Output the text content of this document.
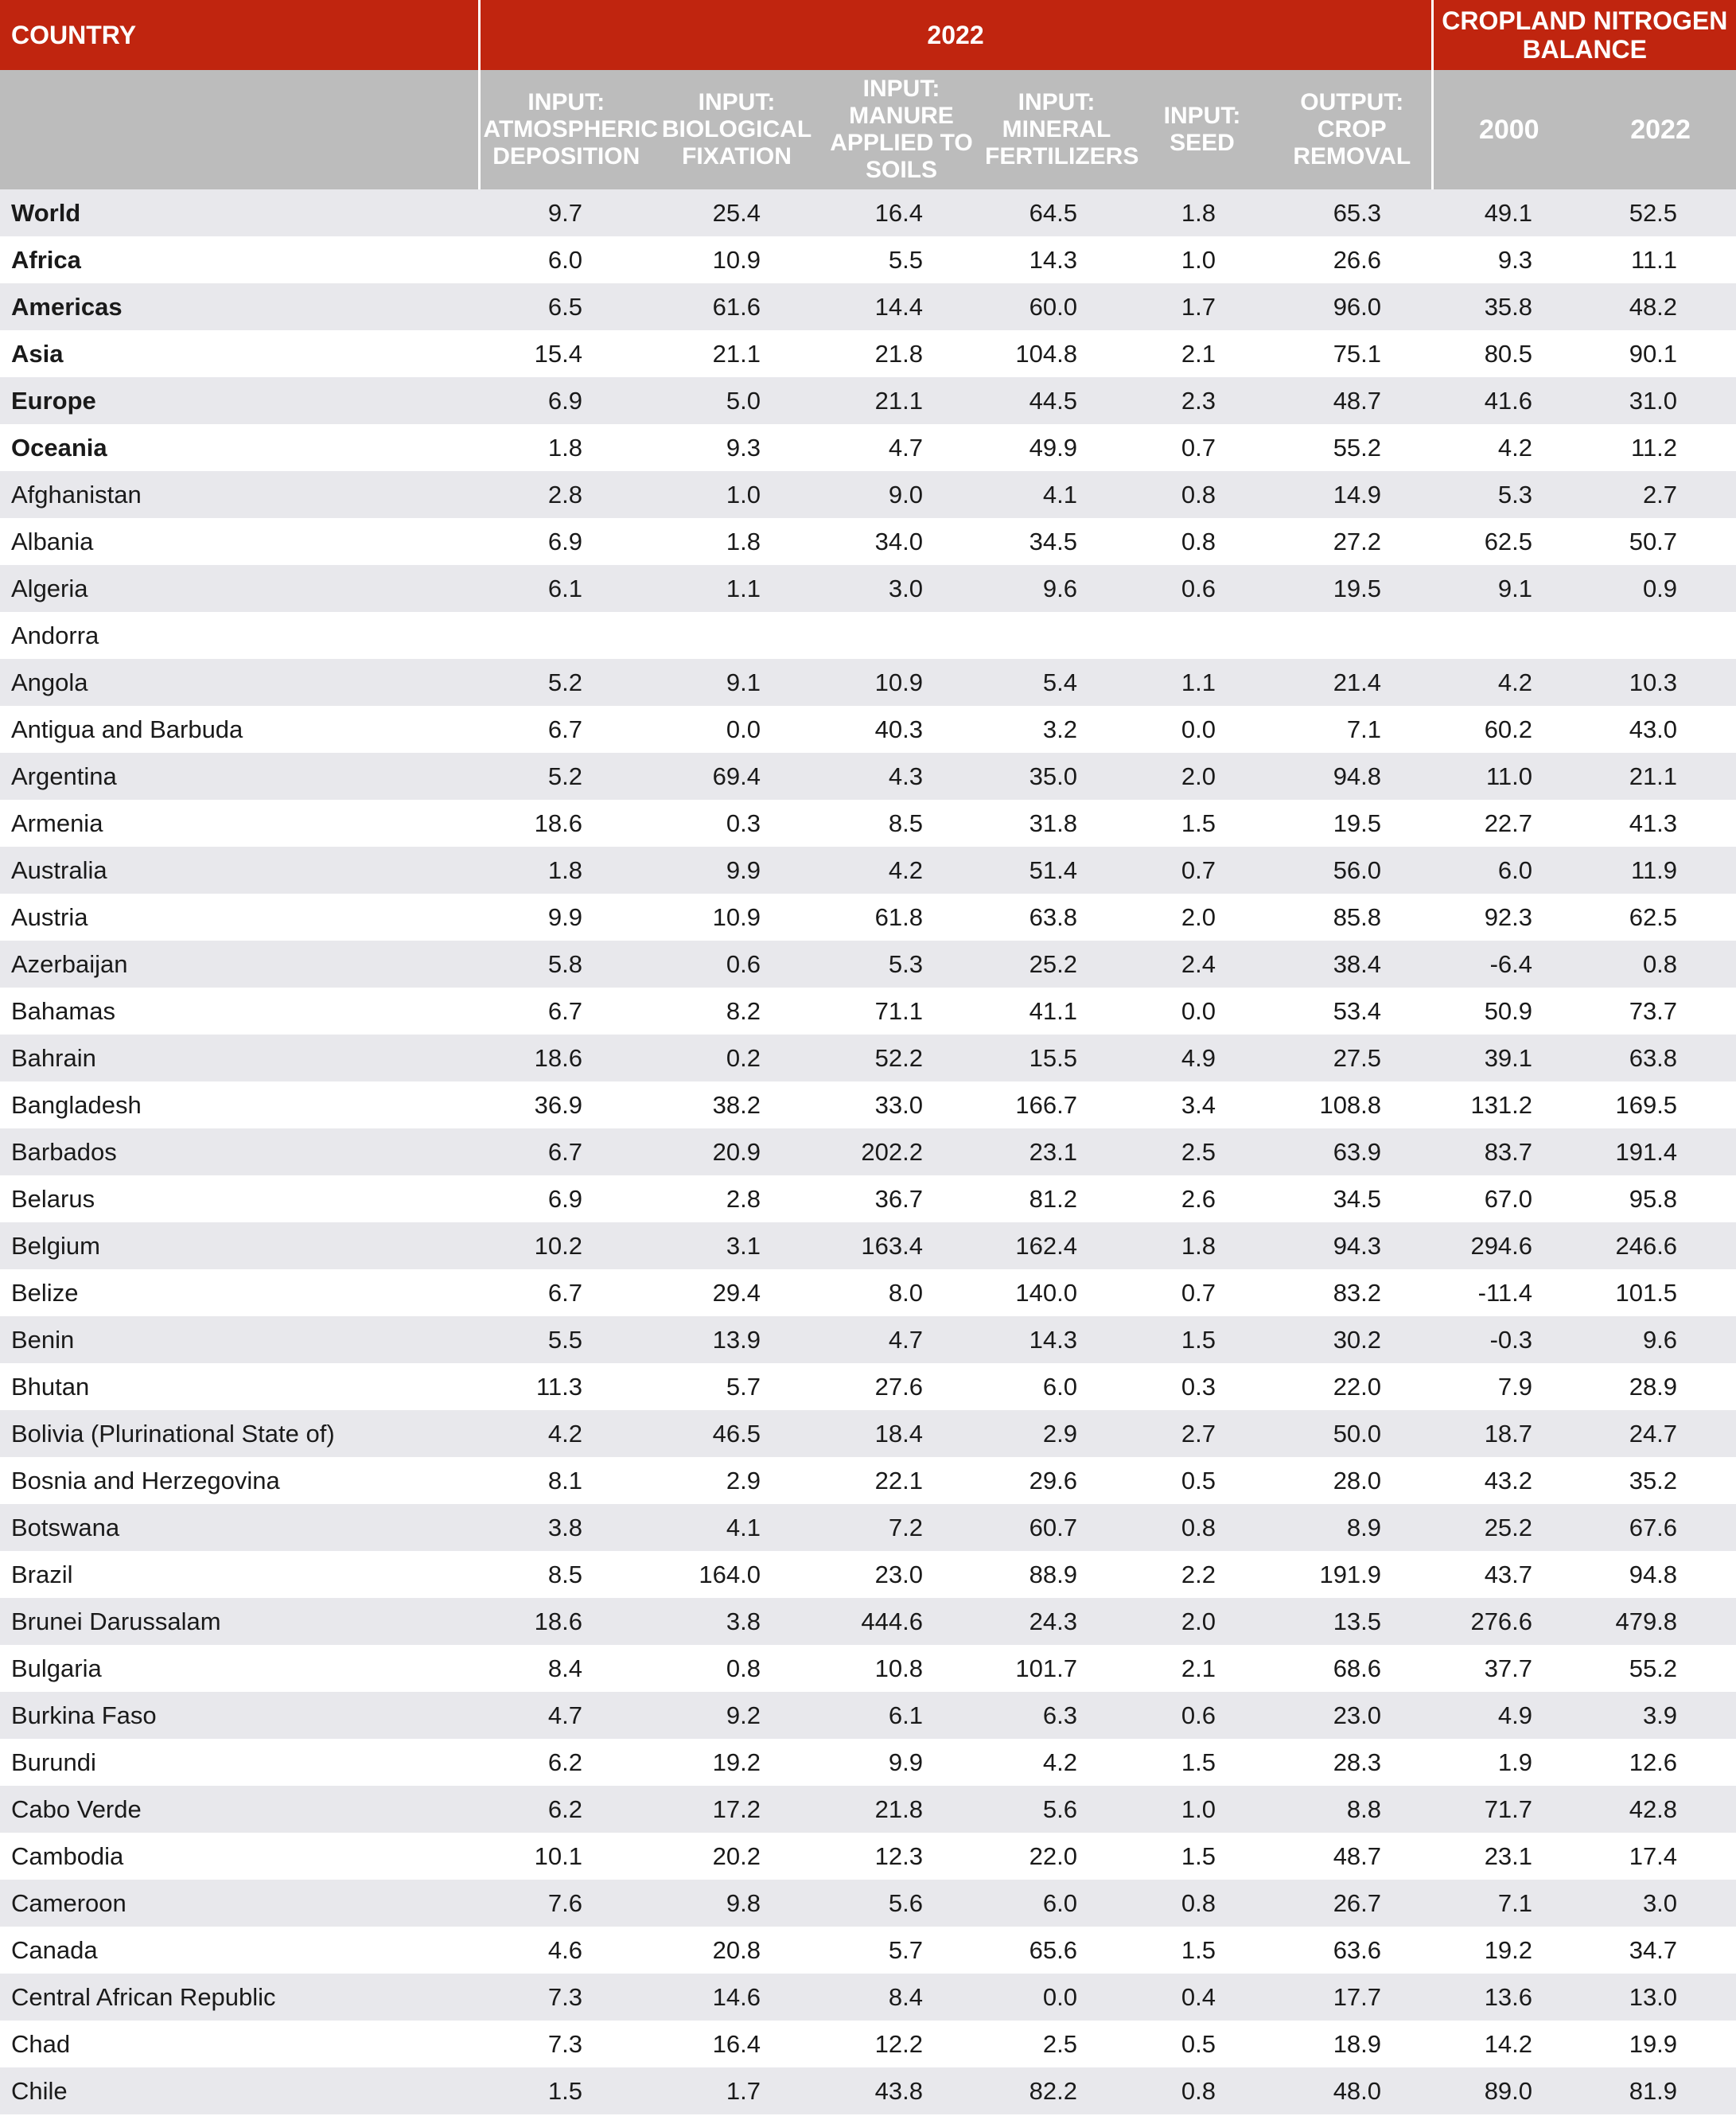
COUNTRY	2022						CROPLAND NITROGEN
BALANCE	
	INPUT:
ATMOSPHERIC
DEPOSITION	INPUT:
BIOLOGICAL
FIXATION	INPUT:
MANURE
APPLIED TO
SOILS	INPUT:
MINERAL
FERTILIZERS	INPUT:
SEED	OUTPUT:
CROP
REMOVAL	2000	2022
World	9.7	25.4	16.4	64.5	1.8	65.3	49.1	52.5
Africa	6.0	10.9	5.5	14.3	1.0	26.6	9.3	11.1
Americas	6.5	61.6	14.4	60.0	1.7	96.0	35.8	48.2
Asia	15.4	21.1	21.8	104.8	2.1	75.1	80.5	90.1
Europe	6.9	5.0	21.1	44.5	2.3	48.7	41.6	31.0
Oceania	1.8	9.3	4.7	49.9	0.7	55.2	4.2	11.2
Afghanistan	2.8	1.0	9.0	4.1	0.8	14.9	5.3	2.7
Albania	6.9	1.8	34.0	34.5	0.8	27.2	62.5	50.7
Algeria	6.1	1.1	3.0	9.6	0.6	19.5	9.1	0.9
Andorra								
Angola	5.2	9.1	10.9	5.4	1.1	21.4	4.2	10.3
Antigua and Barbuda	6.7	0.0	40.3	3.2	0.0	7.1	60.2	43.0
Argentina	5.2	69.4	4.3	35.0	2.0	94.8	11.0	21.1
Armenia	18.6	0.3	8.5	31.8	1.5	19.5	22.7	41.3
Australia	1.8	9.9	4.2	51.4	0.7	56.0	6.0	11.9
Austria	9.9	10.9	61.8	63.8	2.0	85.8	92.3	62.5
Azerbaijan	5.8	0.6	5.3	25.2	2.4	38.4	-6.4	0.8
Bahamas	6.7	8.2	71.1	41.1	0.0	53.4	50.9	73.7
Bahrain	18.6	0.2	52.2	15.5	4.9	27.5	39.1	63.8
Bangladesh	36.9	38.2	33.0	166.7	3.4	108.8	131.2	169.5
Barbados	6.7	20.9	202.2	23.1	2.5	63.9	83.7	191.4
Belarus	6.9	2.8	36.7	81.2	2.6	34.5	67.0	95.8
Belgium	10.2	3.1	163.4	162.4	1.8	94.3	294.6	246.6
Belize	6.7	29.4	8.0	140.0	0.7	83.2	-11.4	101.5
Benin	5.5	13.9	4.7	14.3	1.5	30.2	-0.3	9.6
Bhutan	11.3	5.7	27.6	6.0	0.3	22.0	7.9	28.9
Bolivia (Plurinational State of)	4.2	46.5	18.4	2.9	2.7	50.0	18.7	24.7
Bosnia and Herzegovina	8.1	2.9	22.1	29.6	0.5	28.0	43.2	35.2
Botswana	3.8	4.1	7.2	60.7	0.8	8.9	25.2	67.6
Brazil	8.5	164.0	23.0	88.9	2.2	191.9	43.7	94.8
Brunei Darussalam	18.6	3.8	444.6	24.3	2.0	13.5	276.6	479.8
Bulgaria	8.4	0.8	10.8	101.7	2.1	68.6	37.7	55.2
Burkina Faso	4.7	9.2	6.1	6.3	0.6	23.0	4.9	3.9
Burundi	6.2	19.2	9.9	4.2	1.5	28.3	1.9	12.6
Cabo Verde	6.2	17.2	21.8	5.6	1.0	8.8	71.7	42.8
Cambodia	10.1	20.2	12.3	22.0	1.5	48.7	23.1	17.4
Cameroon	7.6	9.8	5.6	6.0	0.8	26.7	7.1	3.0
Canada	4.6	20.8	5.7	65.6	1.5	63.6	19.2	34.7
Central African Republic	7.3	14.6	8.4	0.0	0.4	17.7	13.6	13.0
Chad	7.3	16.4	12.2	2.5	0.5	18.9	14.2	19.9
Chile	1.5	1.7	43.8	82.2	0.8	48.0	89.0	81.9
